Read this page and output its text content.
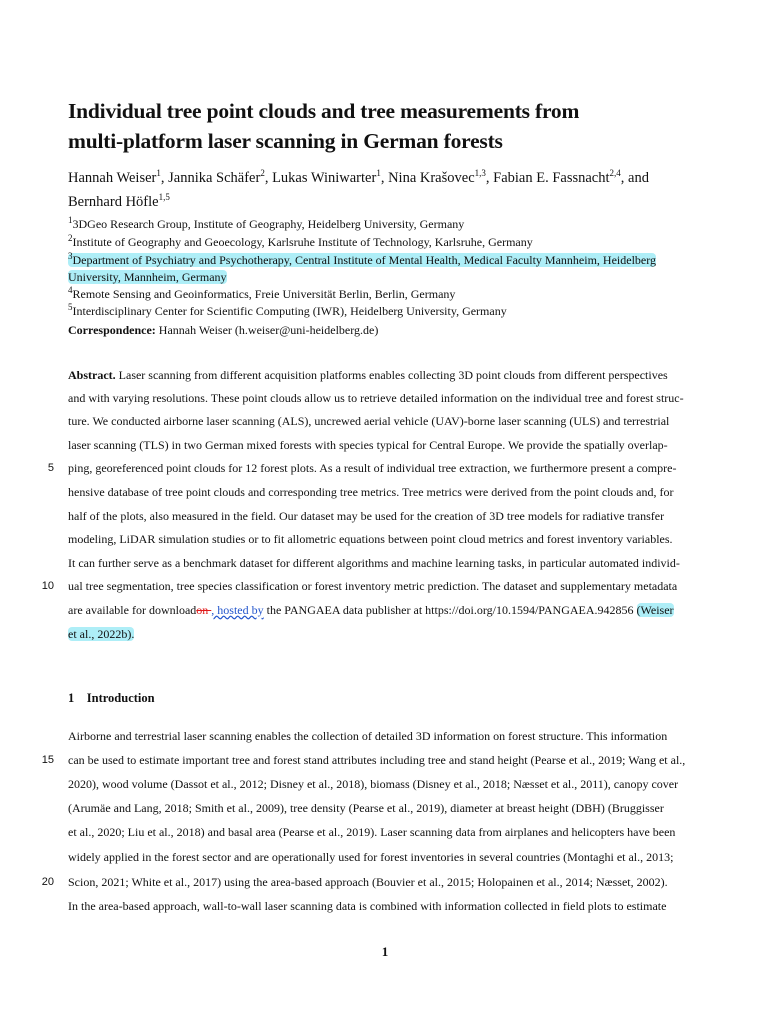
Individual tree point clouds and tree measurements from
multi-platform laser scanning in German forests
Hannah Weiser$^1$, Jannika Schäfer$^2$, Lukas Winiwarter$^1$, Nina Krašovec$^{1,3}$, Fabian E. Fassnacht$^{2,4}$, and
Bernhard Höfle$^{1,5}$
$^1$3DGeo Research Group, Institute of Geography, Heidelberg University, Germany
$^2$Institute of Geography and Geoecology, Karlsruhe Institute of Technology, Karlsruhe, Germany
$^3$Department of Psychiatry and Psychotherapy, Central Institute of Mental Health, Medical Faculty Mannheim, Heidelberg
University, Mannheim, Germany
$^4$Remote Sensing and Geoinformatics, Freie Universität Berlin, Berlin, Germany
$^5$Interdisciplinary Center for Scientific Computing (IWR), Heidelberg University, Germany
Correspondence: Hannah Weiser (h.weiser@uni-heidelberg.de)
Abstract. Laser scanning from different acquisition platforms enables collecting 3D point clouds from different perspectives
and with varying resolutions. These point clouds allow us to retrieve detailed information on the individual tree and forest struc-
ture. We conducted airborne laser scanning (ALS), uncrewed aerial vehicle (UAV)-borne laser scanning (ULS) and terrestrial
laser scanning (TLS) in two German mixed forests with species typical for Central Europe. We provide the spatially overlap-
5 ping, georeferenced point clouds for 12 forest plots. As a result of individual tree extraction, we furthermore present a compre-
hensive database of tree point clouds and corresponding tree metrics. Tree metrics were derived from the point clouds and, for
half of the plots, also measured in the field. Our dataset may be used for the creation of 3D tree models for radiative transfer
modeling, LiDAR simulation studies or to fit allometric equations between point cloud metrics and forest inventory variables.
It can further serve as a benchmark dataset for different algorithms and machine learning tasks, in particular automated individ-
10 ual tree segmentation, tree species classification or forest inventory metric prediction. The dataset and supplementary metadata
are available for downloadon , hosted by the PANGAEA data publisher at https://doi.org/10.1594/PANGAEA.942856 (Weiser
et al., 2022b).
1 Introduction
Airborne and terrestrial laser scanning enables the collection of detailed 3D information on forest structure. This information
15 can be used to estimate important tree and forest stand attributes including tree and stand height (Pearse et al., 2019; Wang et al.,
2020), wood volume (Dassot et al., 2012; Disney et al., 2018), biomass (Disney et al., 2018; Næsset et al., 2011), canopy cover
(Arumäe and Lang, 2018; Smith et al., 2009), tree density (Pearse et al., 2019), diameter at breast height (DBH) (Bruggisser
et al., 2020; Liu et al., 2018) and basal area (Pearse et al., 2019). Laser scanning data from airplanes and helicopters have been
widely applied in the forest sector and are operationally used for forest inventories in several countries (Montaghi et al., 2013;
20 Scion, 2021; White et al., 2017) using the area-based approach (Bouvier et al., 2015; Holopainen et al., 2014; Næsset, 2002).
In the area-based approach, wall-to-wall laser scanning data is combined with information collected in field plots to estimate
1
